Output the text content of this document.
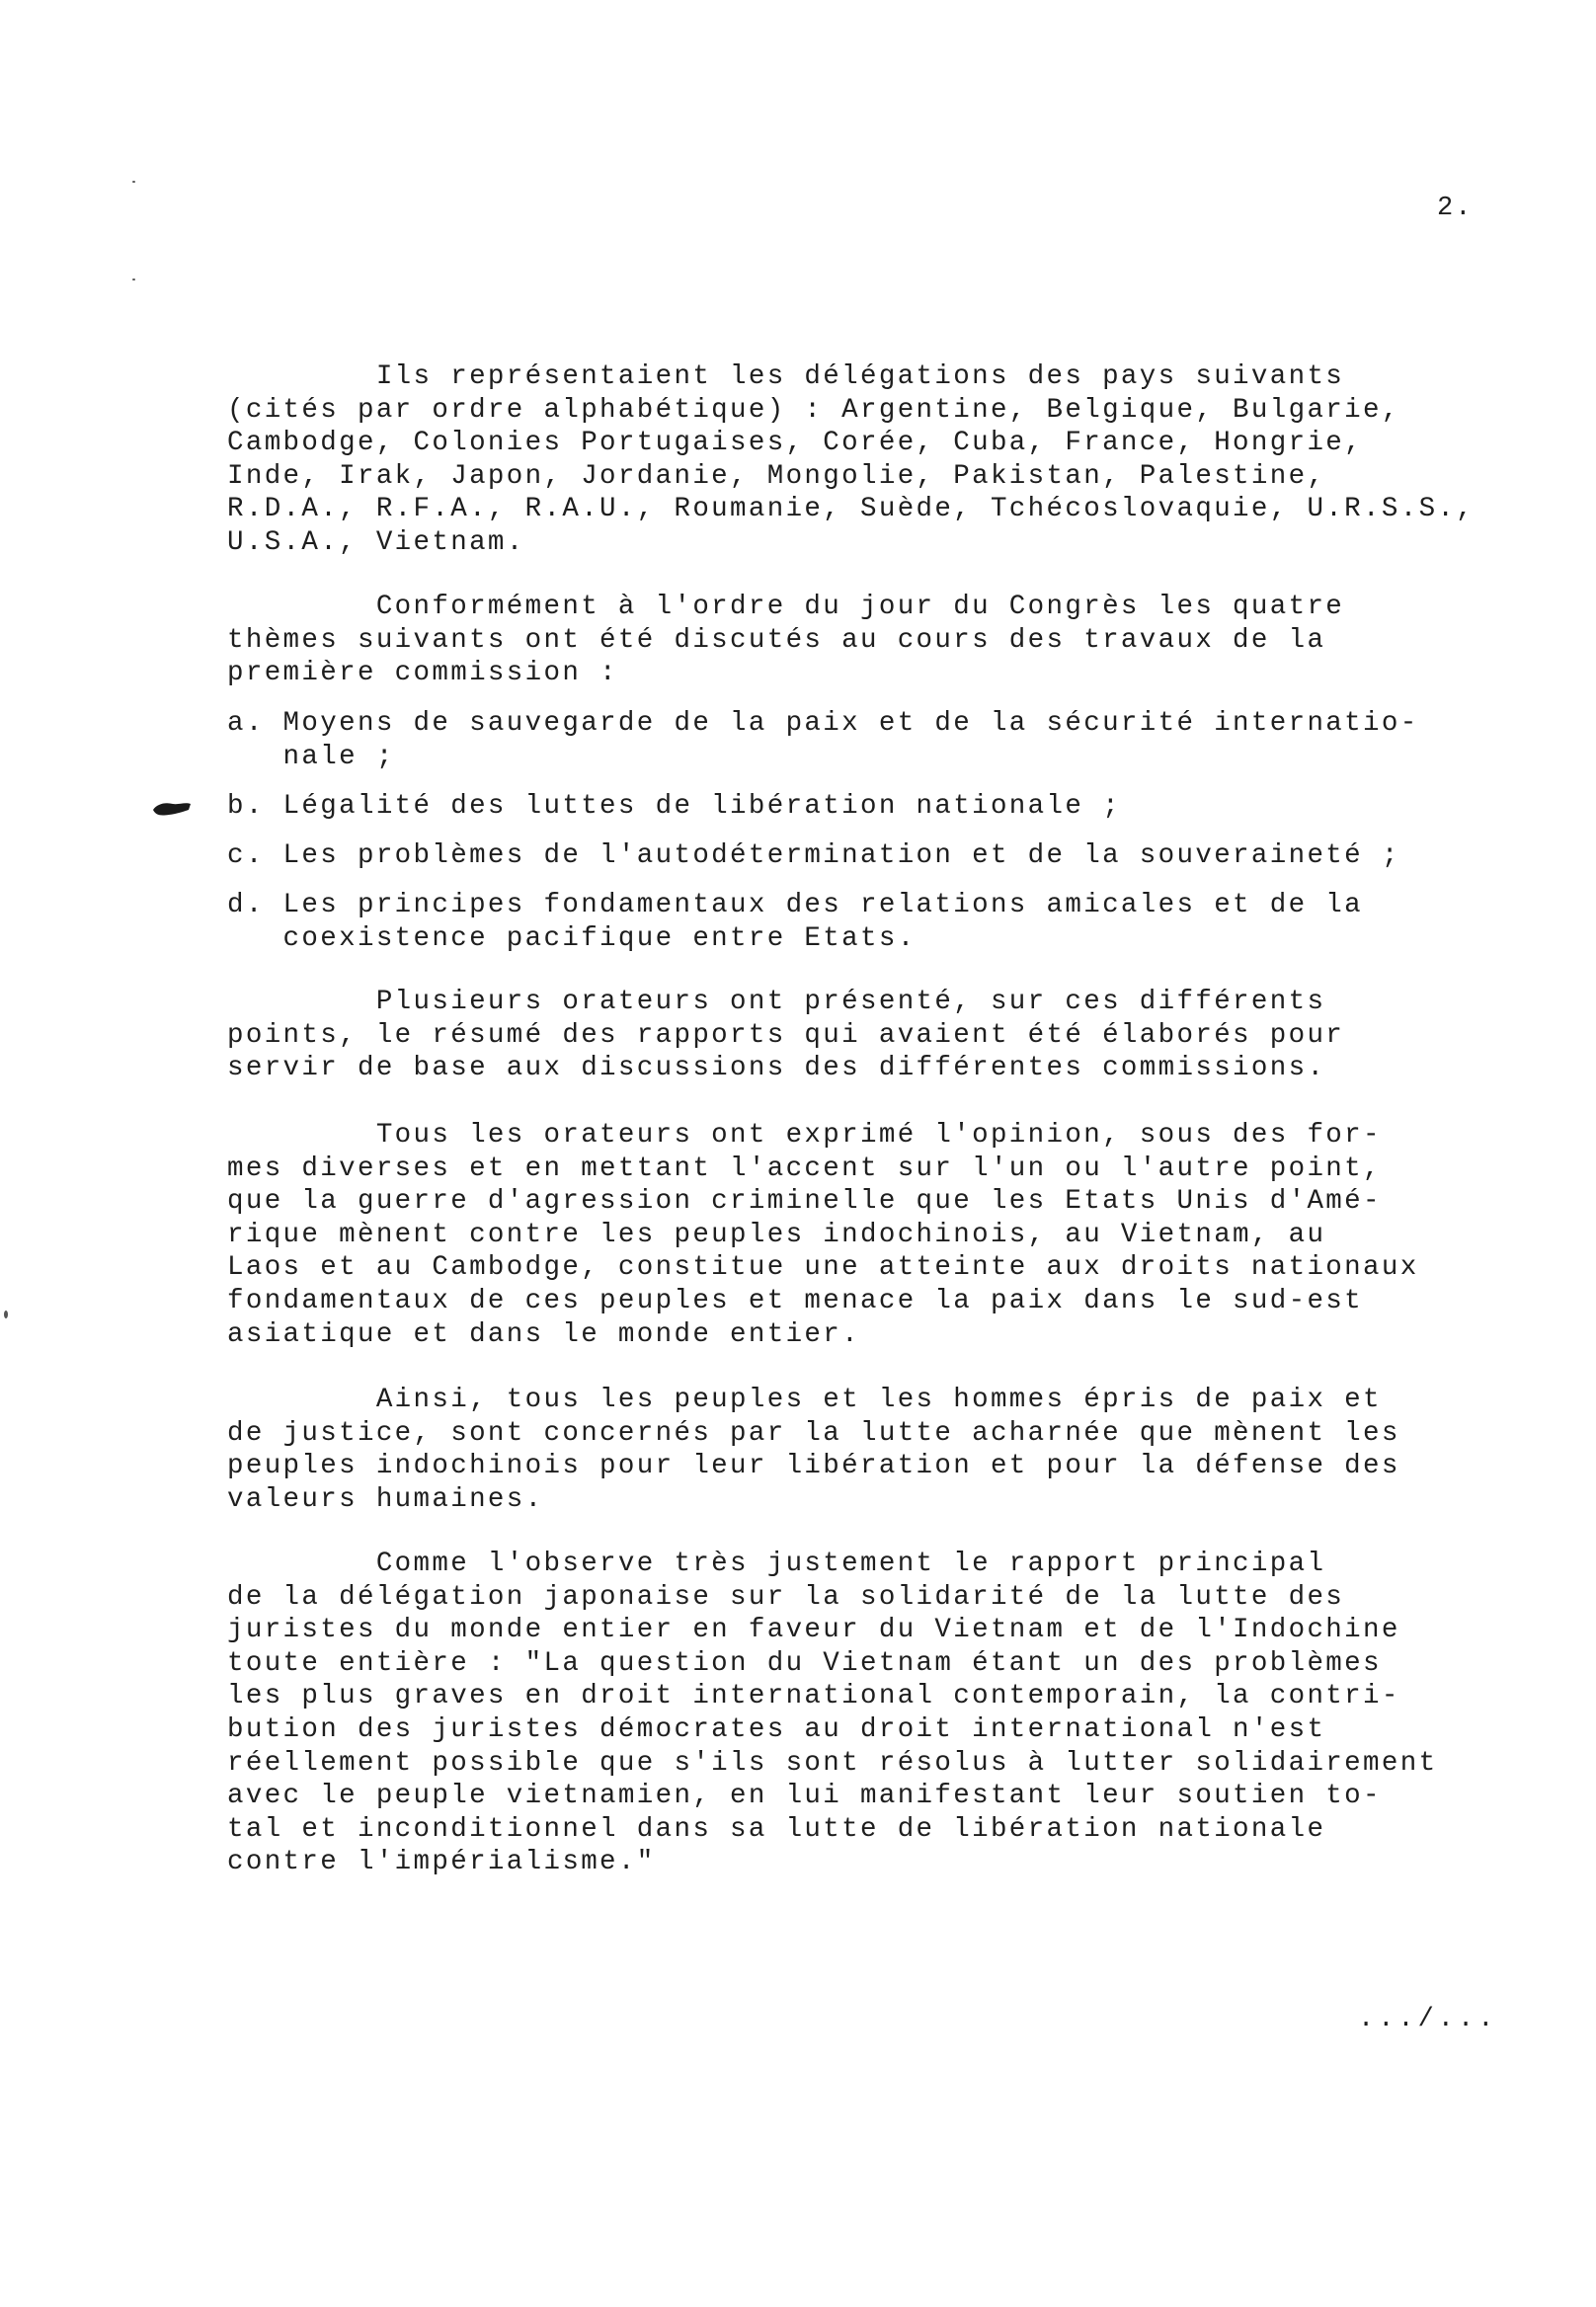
2.
Ils représentaient les délégations des pays suivants
(cités par ordre alphabétique) : Argentine, Belgique, Bulgarie,
Cambodge, Colonies Portugaises, Corée, Cuba, France, Hongrie,
Inde, Irak, Japon, Jordanie, Mongolie, Pakistan, Palestine,
R.D.A., R.F.A., R.A.U., Roumanie, Suède, Tchécoslovaquie, U.R.S.S.,
U.S.A., Vietnam.
Conformément à l'ordre du jour du Congrès les quatre
thèmes suivants ont été discutés au cours des travaux de la
première commission :

a. Moyens de sauvegarde de la paix et de la sécurité internatio-
nale ;

b. Légalité des luttes de libération nationale ;

c. Les problèmes de l'autodétermination et de la souveraineté ;

d. Les principes fondamentaux des relations amicales et de la
coexistence pacifique entre Etats.

Plusieurs orateurs ont présenté, sur ces différents
points, le résumé des rapports qui avaient été élaborés pour
servir de base aux discussions des différentes commissions.
Tous les orateurs ont exprimé l'opinion, sous des for-
mes diverses et en mettant l'accent sur l'un ou l'autre point,
que la guerre d'agression criminelle que les Etats Unis d'Amé-
rique mènent contre les peuples indochinois, au Vietnam, au
Laos et au Cambodge, constitue une atteinte aux droits nationaux
fondamentaux de ces peuples et menace la paix dans le sud-est
asiatique et dans le monde entier.
Ainsi, tous les peuples et les hommes épris de paix et
de justice, sont concernés par la lutte acharnée que mènent les
peuples indochinois pour leur libération et pour la défense des
valeurs humaines.
Comme l'observe très justement le rapport principal
de la délégation japonaise sur la solidarité de la lutte des
juristes du monde entier en faveur du Vietnam et de l'Indochine
toute entière : "La question du Vietnam étant un des problèmes
les plus graves en droit international contemporain, la contri-
bution des juristes démocrates au droit international n'est
réellement possible que s'ils sont résolus à lutter solidairement
avec le peuple vietnamien, en lui manifestant leur soutien to-
tal et inconditionnel dans sa lutte de libération nationale
contre l'impérialisme."
.../...
